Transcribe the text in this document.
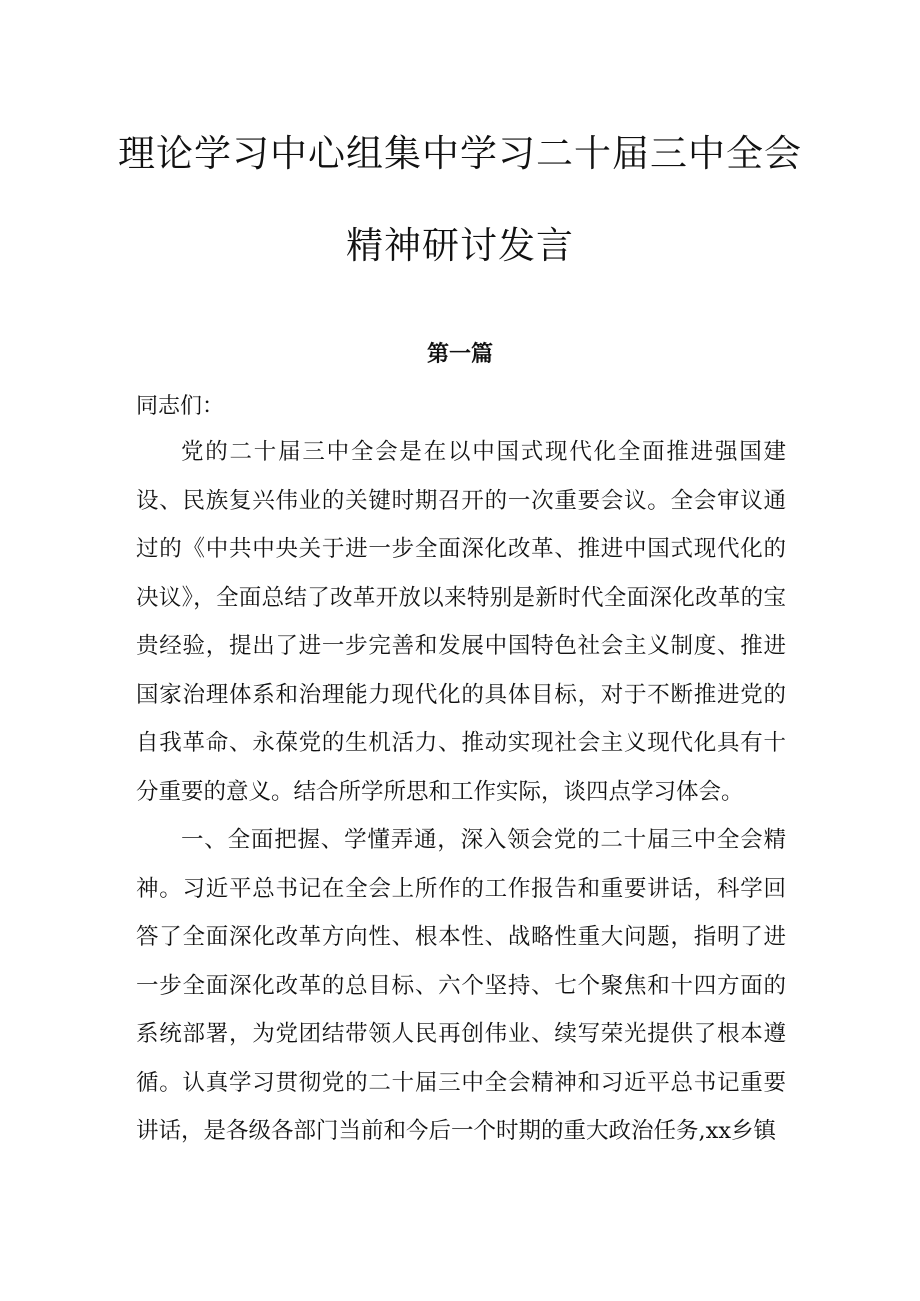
理论学习中心组集中学习二十届三中全会
精神研讨发言
第一篇
同志们：

党的二十届三中全会是在以中国式现代化全面推进强国建设、民族复兴伟业的关键时期召开的一次重要会议。全会审议通过的《中共中央关于进一步全面深化改革、推进中国式现代化的决议》，全面总结了改革开放以来特别是新时代全面深化改革的宝贵经验，提出了进一步完善和发展中国特色社会主义制度、推进国家治理体系和治理能力现代化的具体目标，对于不断推进党的自我革命、永葆党的生机活力、推动实现社会主义现代化具有十分重要的意义。结合所学所思和工作实际，谈四点学习体会。

一、全面把握、学懂弄通，深入领会党的二十届三中全会精神。习近平总书记在全会上所作的工作报告和重要讲话，科学回答了全面深化改革方向性、根本性、战略性重大问题，指明了进一步全面深化改革的总目标、六个坚持、七个聚焦和十四方面的系统部署，为党团结带领人民再创伟业、续写荣光提供了根本遵循。认真学习贯彻党的二十届三中全会精神和习近平总书记重要讲话，是各级各部门当前和今后一个时期的重大政治任务,xx乡镇
